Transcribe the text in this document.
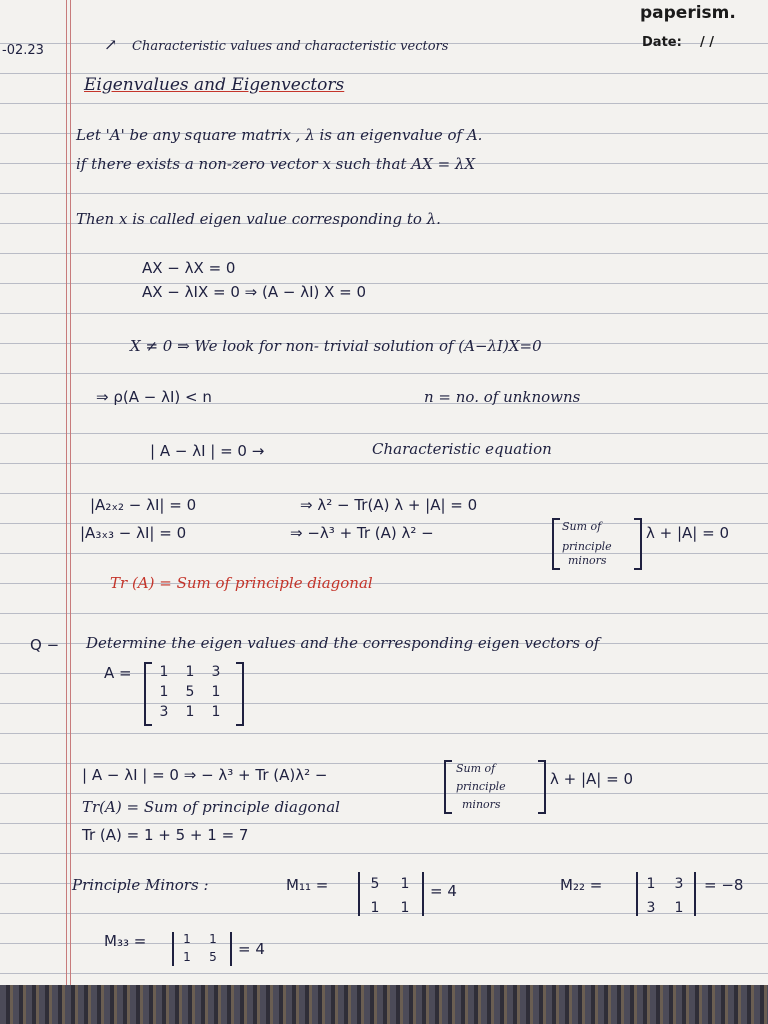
paperism.
Date: / /
-02.23	↗ Characteristic values and characteristic vectors
Eigenvalues and Eigenvectors
Let 'A' be any square matrix , λ is an eigenvalue of A.
if there exists a non-zero vector x such that AX = λX
Then x is called eigen value corresponding to λ.
AX − λX = 0
AX − λIX = 0 ⇒ (A − λI) X = 0
X ≠ 0 ⇒ We look for non- trivial solution of (A−λI)X=0
⇒ ρ(A − λI) < n	n = no. of unknowns
| A − λI | = 0 →	Characteristic equation
|A₂ₓ₂ − λI| = 0	⇒ λ² − Tr(A) λ + |A| = 0
|A₃ₓ₃ − λI| = 0	⇒ −λ³ + Tr (A) λ² −	Sum of
principle
minors
λ + |A| = 0
Tr (A) = Sum of principle diagonal
Q − Determine the eigen values and the corresponding eigen vectors of
A =	1	1	3
1	5	1
3	1	1
| A − λI | = 0 ⇒ − λ³ + Tr (A)λ² −	Sum of
principle
minors
λ + |A| = 0
Tr(A) = Sum of principle diagonal
Tr (A) = 1 + 5 + 1 = 7
Principle Minors :	M₁₁ =	5	1
1	1
= 4	M₂₂ =	1	3
3	1
= −8
M₃₃ =	1	1
1	5	= 4
